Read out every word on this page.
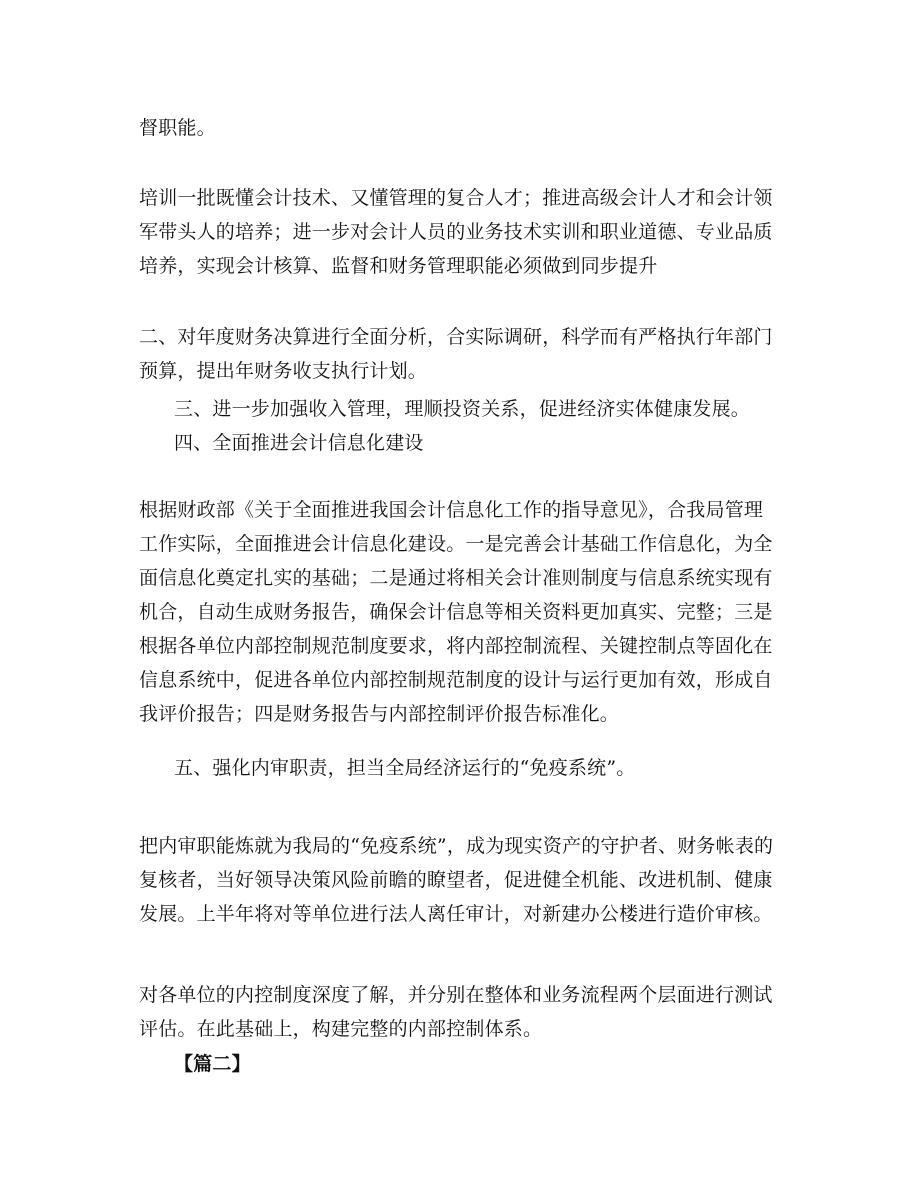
督职能。

培训一批既懂会计技术、又懂管理的复合人才；推进高级会计人才和会计领军带头人的培养；进一步对会计人员的业务技术实训和职业道德、专业品质培养，实现会计核算、监督和财务管理职能必须做到同步提升

二、对年度财务决算进行全面分析，合实际调研，科学而有严格执行年部门预算，提出年财务收支执行计划。

三、进一步加强收入管理，理顺投资关系，促进经济实体健康发展。

四、全面推进会计信息化建设

根据财政部《关于全面推进我国会计信息化工作的指导意见》，合我局管理工作实际，全面推进会计信息化建设。一是完善会计基础工作信息化，为全面信息化奠定扎实的基础；二是通过将相关会计准则制度与信息系统实现有机合，自动生成财务报告，确保会计信息等相关资料更加真实、完整；三是根据各单位内部控制规范制度要求，将内部控制流程、关键控制点等固化在信息系统中，促进各单位内部控制规范制度的设计与运行更加有效，形成自我评价报告；四是财务报告与内部控制评价报告标准化。

五、强化内审职责，担当全局经济运行的“免疫系统”。

把内审职能炼就为我局的“免疫系统”，成为现实资产的守护者、财务帐表的复核者，当好领导决策风险前瞻的瞭望者，促进健全机能、改进机制、健康发展。上半年将对等单位进行法人离任审计，对新建办公楼进行造价审核。

对各单位的内控制度深度了解，并分别在整体和业务流程两个层面进行测试评估。在此基础上，构建完整的内部控制体系。

【篇二】
